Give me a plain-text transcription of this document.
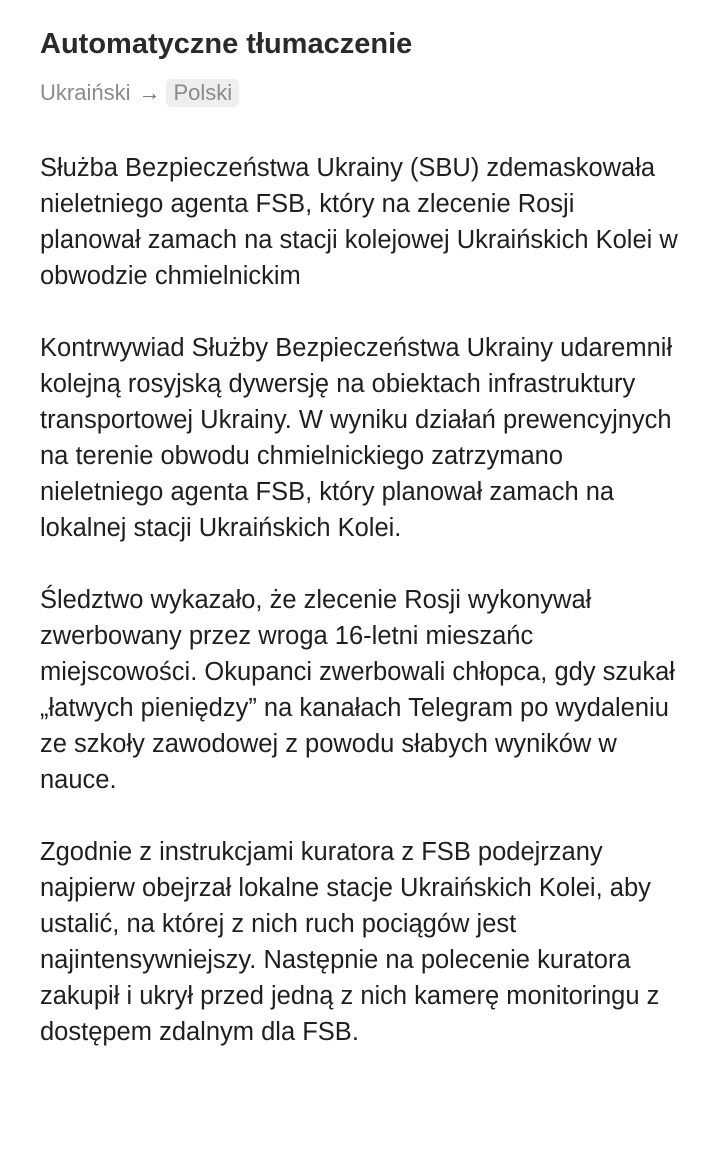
Automatyczne tłumaczenie
Ukraiński → Polski

Służba Bezpieczeństwa Ukrainy (SBU) zdemaskowała nieletniego agenta FSB, który na zlecenie Rosji planował zamach na stacji kolejowej Ukraińskich Kolei w obwodzie chmielnickim

Kontrwywiad Służby Bezpieczeństwa Ukrainy udaremnił kolejną rosyjską dywersję na obiektach infrastruktury transportowej Ukrainy. W wyniku działań prewencyjnych na terenie obwodu chmielnickiego zatrzymano nieletniego agenta FSB, który planował zamach na lokalnej stacji Ukraińskich Kolei.

Śledztwo wykazało, że zlecenie Rosji wykonywał zwerbowany przez wroga 16-letni mieszańc miejscowości. Okupanci zwerbowali chłopca, gdy szukał „łatwych pieniędzy” na kanałach Telegram po wydaleniu ze szkoły zawodowej z powodu słabych wyników w nauce.

Zgodnie z instrukcjami kuratora z FSB podejrzany najpierw obejrzał lokalne stacje Ukraińskich Kolei, aby ustalić, na której z nich ruch pociągów jest najintensywniejszy. Następnie na polecenie kuratora zakupił i ukrył przed jedną z nich kamerę monitoringu z dostępem zdalnym dla FSB.
